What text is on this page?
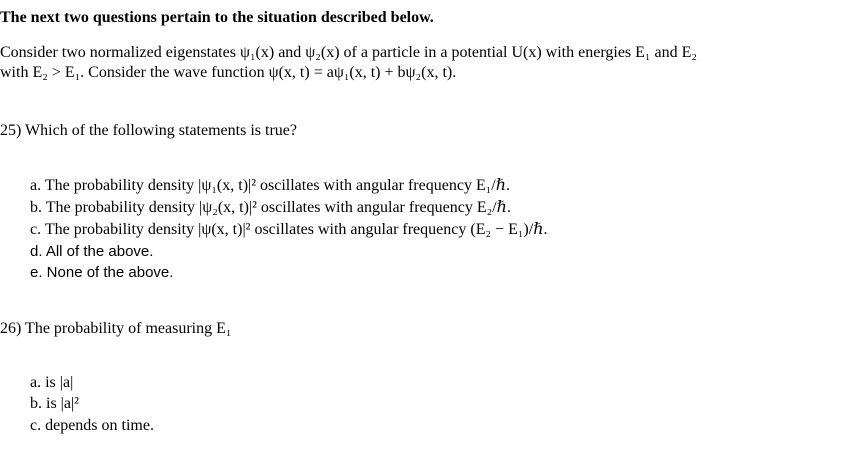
The next two questions pertain to the situation described below.
Consider two normalized eigenstates ψ₁(x) and ψ₂(x) of a particle in a potential U(x) with energies E₁ and E₂
with E₂ > E₁. Consider the wave function ψ(x, t) = aψ₁(x, t) + bψ₂(x, t).
25) Which of the following statements is true?
a. The probability density |ψ₁(x, t)|² oscillates with angular frequency E₁/ℏ.
b. The probability density |ψ₂(x, t)|² oscillates with angular frequency E₂/ℏ.
c. The probability density |ψ(x, t)|² oscillates with angular frequency (E₂ − E₁)/ℏ.
d. All of the above.
e. None of the above.
26) The probability of measuring E₁
a. is |a|
b. is |a|²
c. depends on time.
